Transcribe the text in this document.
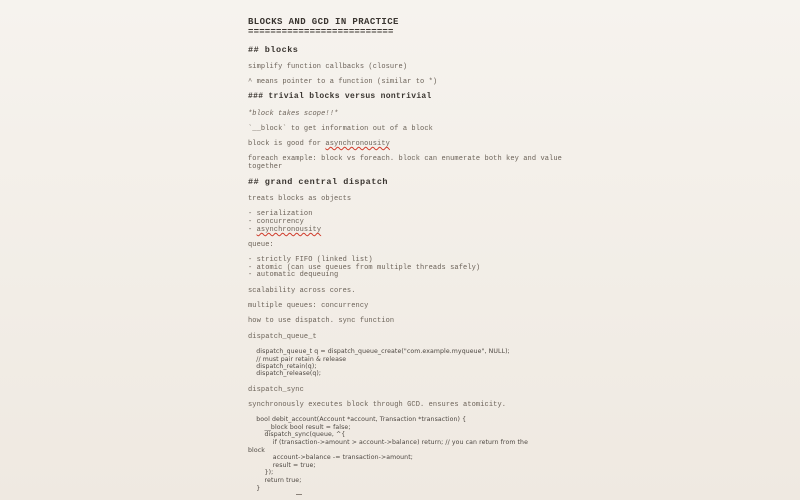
BLOCKS AND GCD IN PRACTICE
==========================
## blocks
simplify function callbacks (closure)
^ means pointer to a function (similar to *)
### trivial blocks versus nontrivial
*block takes scope!!*
`__block` to get information out of a block
block is good for asynchronousity
foreach example: block vs foreach. block can enumerate both key and value
together
## grand central dispatch
treats blocks as objects
- serialization
- concurrency
- asynchronousity
queue:
- strictly FIFO (linked list)
- atomic (can use queues from multiple threads safely)
- automatic dequeuing
scalability across cores.
multiple queues: concurrency
how to use dispatch. sync function
dispatch_queue_t
dispatch_queue_t q = dispatch_queue_create("com.example.myqueue", NULL);
// must pair retain & release
dispatch_retain(q);
dispatch_release(q);
dispatch_sync
synchronously executes block through GCD. ensures atomicity.
bool debit_account(Account *account, Transaction *transaction) {
__block bool result = false;
dispatch_sync(queue, ^{
if (transaction->amount > account->balance) return; // you can return from the
block
account->balance -= transaction->amount;
result = true;
});
return true;
}
